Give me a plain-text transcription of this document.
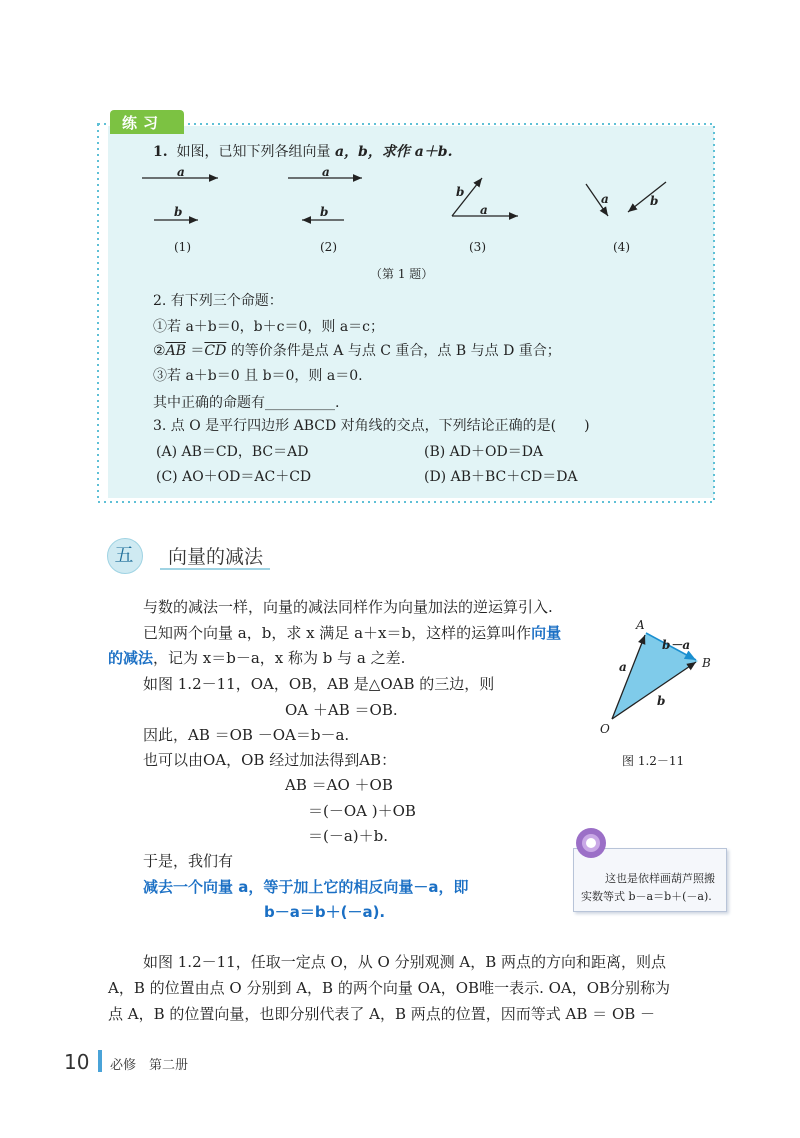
练习
1. 如图，已知下列各组向量 a，b，求作 a＋b.
a
b
a
b	a
b	a	b
(1)	(2)	(3)	(4)
（第 1 题）
2. 有下列三个命题：
①若 a＋b＝0，b＋c＝0，则 a＝c；
$②\overline{AB} =\overline{CD}$ 的等价条件是点 A 与点 C 重合，点 B 与点 D 重合；
③若 a＋b＝0 且 b＝0，则 a＝0.
其中正确的命题有__________.
3. 点 O 是平行四边形 ABCD 对角线的交点，下列结论正确的是(　　)
(A) AB＝CD，BC＝AD	(B) AD＋OD＝DA
(C) AO＋OD＝AC＋CD	(D) AB＋BC＋CD＝DA
五	向量的减法
与数的减法一样，向量的减法同样作为向量加法的逆运算引入.
已知两个向量 a，b，求 x 满足 a＋x＝b，这样的运算叫作向量
的减法，记为 x＝b－a，x 称为 b 与 a 之差.
如图 1.2－11，OA，OB，AB 是△OAB 的三边，则
OA ＋AB ＝OB.
因此，AB ＝OB －OA＝b－a.
也可以由OA，OB 经过加法得到AB：
AB ＝AO ＋OB
＝(－OA )＋OB
＝(－a)＋b.
于是，我们有
减去一个向量 a，等于加上它的相反向量－a，即
b－a＝b＋(－a).
如图 1.2－11，任取一定点 O，从 O 分别观测 A，B 两点的方向和距离，则点
A，B 的位置由点 O 分别到 A，B 的两个向量 OA，OB唯一表示. OA，OB分别称为
点 A，B 的位置向量，也即分别代表了 A，B 两点的位置，因而等式 AB ＝ OB －
A
B
O
b－a
a
b
图 1.2－11
这也是依样画葫芦照搬
实数等式 b－a＝b＋(－a).
10 必修　第二册
